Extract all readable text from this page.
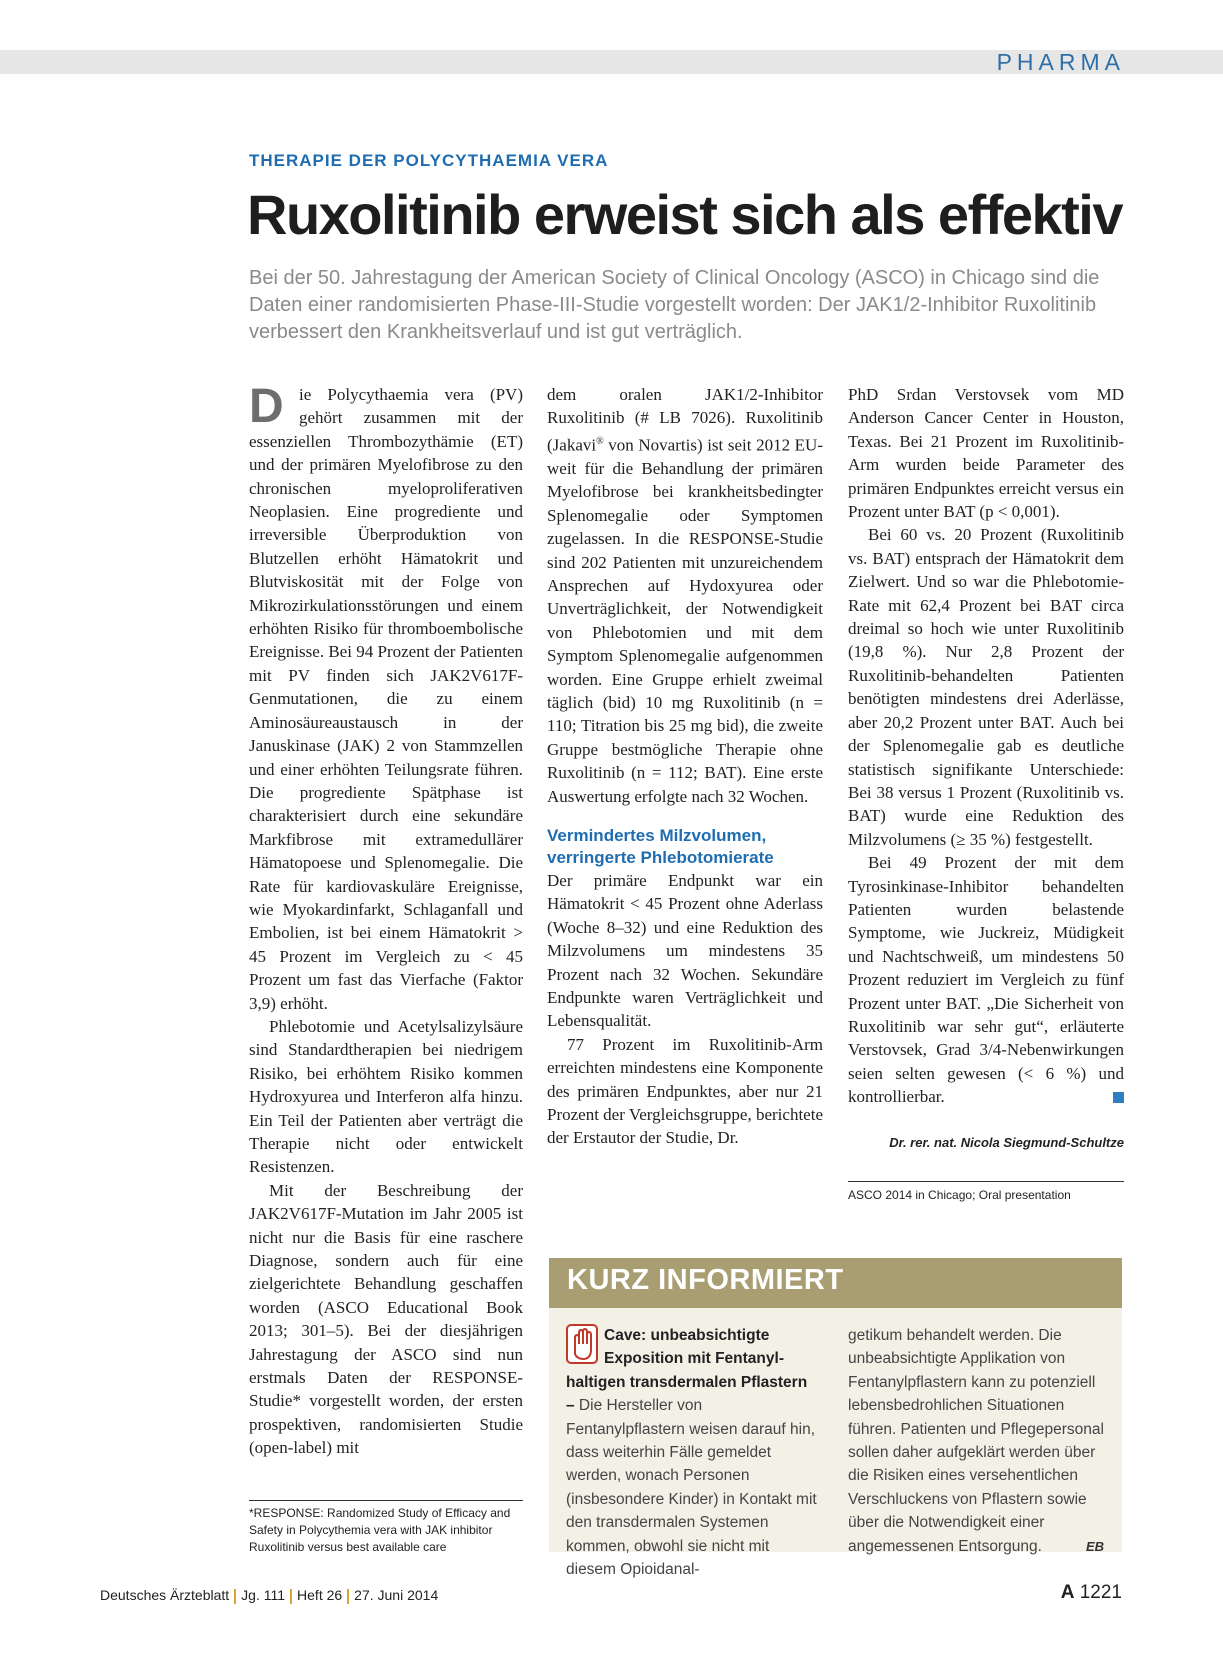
PHARMA
THERAPIE DER POLYCYTHAEMIA VERA
Ruxolitinib erweist sich als effektiv

Bei der 50. Jahrestagung der American Society of Clinical Oncology (ASCO) in Chicago sind die Daten einer randomisierten Phase-III-Studie vorgestellt worden: Der JAK1/2-Inhibitor Ruxolitinib verbessert den Krankheitsverlauf und ist gut verträglich.

Die Polycythaemia vera (PV) gehört zusammen mit der essenziellen Thrombozythämie (ET) und der primären Myelofibrose zu den chronischen myeloproliferativen Neoplasien. Eine progrediente und irreversible Überproduktion von Blutzellen erhöht Hämatokrit und Blutviskosität mit der Folge von Mikrozirkulationsstörungen und einem erhöhten Risiko für thromboembolische Ereignisse. Bei 94 Prozent der Patienten mit PV finden sich JAK2V617F-Genmutationen, die zu einem Aminosäureaustausch in der Januskinase (JAK) 2 von Stammzellen und einer erhöhten Teilungsrate führen. Die progrediente Spätphase ist charakterisiert durch eine sekundäre Markfibrose mit extramedullärer Hämatopoese und Splenomegalie. Die Rate für kardiovaskuläre Ereignisse, wie Myokardinfarkt, Schlaganfall und Embolien, ist bei einem Hämatokrit > 45 Prozent im Vergleich zu < 45 Prozent um fast das Vierfache (Faktor 3,9) erhöht.

Phlebotomie und Acetylsalizylsäure sind Standardtherapien bei niedrigem Risiko, bei erhöhtem Risiko kommen Hydroxyurea und Interferon alfa hinzu. Ein Teil der Patienten aber verträgt die Therapie nicht oder entwickelt Resistenzen.

Mit der Beschreibung der JAK2V617F-Mutation im Jahr 2005 ist nicht nur die Basis für eine raschere Diagnose, sondern auch für eine zielgerichtete Behandlung geschaffen worden (ASCO Educational Book 2013; 301–5). Bei der diesjährigen Jahrestagung der ASCO sind nun erstmals Daten der RESPONSE-Studie* vorgestellt worden, der ersten prospektiven, randomisierten Studie (open-label) mit

dem oralen JAK1/2-Inhibitor Ruxolitinib (# LB 7026). Ruxolitinib (Jakavi® von Novartis) ist seit 2012 EU-weit für die Behandlung der primären Myelofibrose bei krankheitsbedingter Splenomegalie oder Symptomen zugelassen. In die RESPONSE-Studie sind 202 Patienten mit unzureichendem Ansprechen auf Hydoxyurea oder Unverträglichkeit, der Notwendigkeit von Phlebotomien und mit dem Symptom Splenomegalie aufgenommen worden. Eine Gruppe erhielt zweimal täglich (bid) 10 mg Ruxolitinib (n = 110; Titration bis 25 mg bid), die zweite Gruppe bestmögliche Therapie ohne Ruxolitinib (n = 112; BAT). Eine erste Auswertung erfolgte nach 32 Wochen.

Vermindertes Milzvolumen, verringerte Phlebotomierate

Der primäre Endpunkt war ein Hämatokrit < 45 Prozent ohne Aderlass (Woche 8–32) und eine Reduktion des Milzvolumens um mindestens 35 Prozent nach 32 Wochen. Sekundäre Endpunkte waren Verträglichkeit und Lebensqualität.

77 Prozent im Ruxolitinib-Arm erreichten mindestens eine Komponente des primären Endpunktes, aber nur 21 Prozent der Vergleichsgruppe, berichtete der Erstautor der Studie, Dr.

PhD Srdan Verstovsek vom MD Anderson Cancer Center in Houston, Texas. Bei 21 Prozent im Ruxolitinib-Arm wurden beide Parameter des primären Endpunktes erreicht versus ein Prozent unter BAT (p < 0,001).

Bei 60 vs. 20 Prozent (Ruxolitinib vs. BAT) entsprach der Hämatokrit dem Zielwert. Und so war die Phlebotomie-Rate mit 62,4 Prozent bei BAT circa dreimal so hoch wie unter Ruxolitinib (19,8 %). Nur 2,8 Prozent der Ruxolitinib-behandelten Patienten benötigten mindestens drei Aderlässe, aber 20,2 Prozent unter BAT. Auch bei der Splenomegalie gab es deutliche statistisch signifikante Unterschiede: Bei 38 versus 1 Prozent (Ruxolitinib vs. BAT) wurde eine Reduktion des Milzvolumens (≥ 35 %) festgestellt.

Bei 49 Prozent der mit dem Tyrosinkinase-Inhibitor behandelten Patienten wurden belastende Symptome, wie Juckreiz, Müdigkeit und Nachtschweiß, um mindestens 50 Prozent reduziert im Vergleich zu fünf Prozent unter BAT. „Die Sicherheit von Ruxolitinib war sehr gut“, erläuterte Verstovsek, Grad 3/4-Nebenwirkungen seien selten gewesen (< 6 %) und kontrollierbar.

Dr. rer. nat. Nicola Siegmund-Schultze
ASCO 2014 in Chicago; Oral presentation
*RESPONSE: Randomized Study of Efficacy and Safety in Polycythemia vera with JAK inhibitor Ruxolitinib versus best available care
KURZ INFORMIERT

Cave: unbeabsichtigte Exposition mit Fentanyl-haltigen transdermalen Pflastern – Die Hersteller von Fentanylpflastern weisen darauf hin, dass weiterhin Fälle gemeldet werden, wonach Personen (insbesondere Kinder) in Kontakt mit den transdermalen Systemen kommen, obwohl sie nicht mit diesem Opioidanal-

getikum behandelt werden. Die unbeabsichtigte Applikation von Fentanylpflastern kann zu potenziell lebensbedrohlichen Situationen führen. Patienten und Pflegepersonal sollen daher aufgeklärt werden über die Risiken eines versehentlichen Verschluckens von Pflastern sowie über die Notwendigkeit einer angemessenen Entsorgung.	EB

Deutsches Ärzteblatt Jg. 111 Heft 26 27. Juni 2014	A 1221
